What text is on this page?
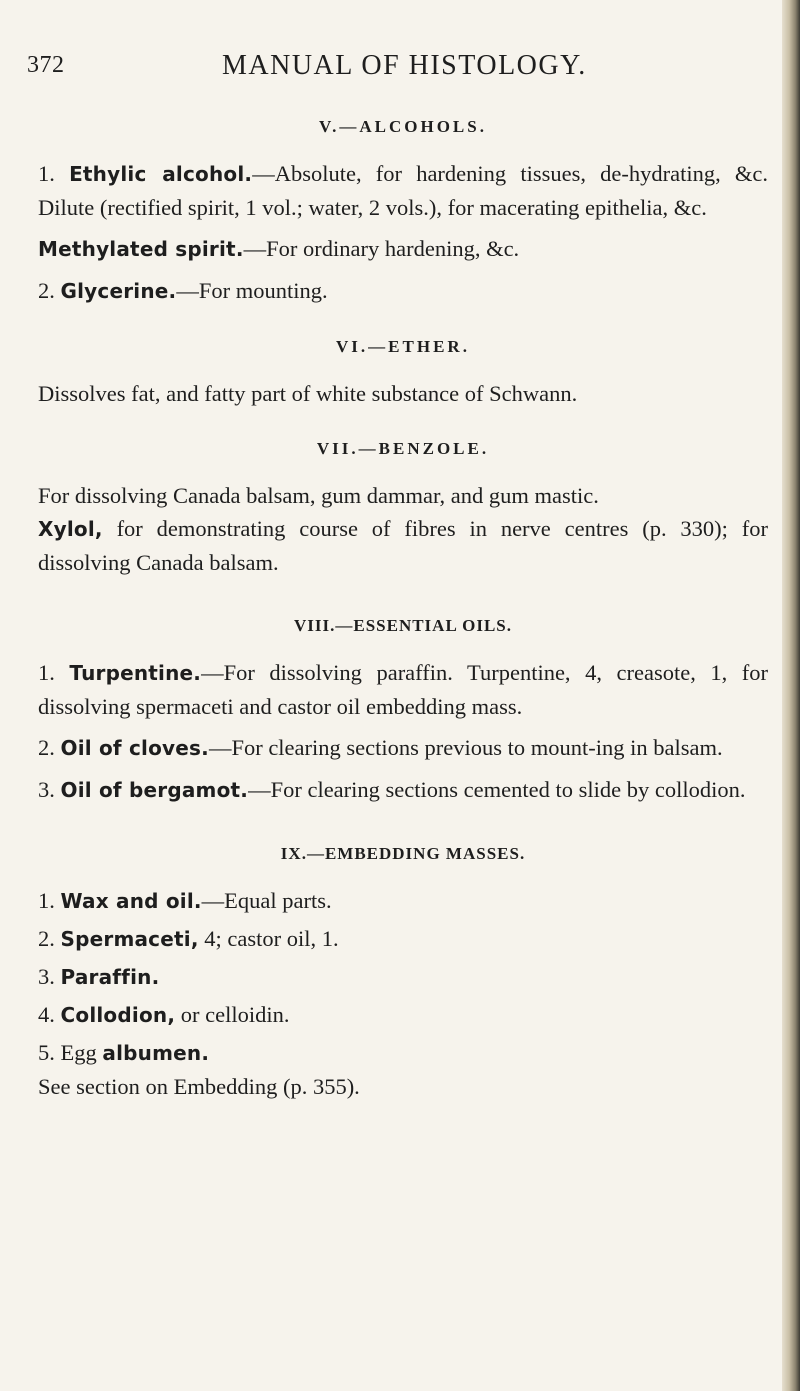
372	MANUAL OF HISTOLOGY.
V.—ALCOHOLS.

1. Ethylic alcohol.—Absolute, for hardening tissues, de-hydrating, &c. Dilute (rectified spirit, 1 vol.; water, 2 vols.), for macerating epithelia, &c.

Methylated spirit.—For ordinary hardening, &c.

2. Glycerine.—For mounting.

VI.—ETHER.

Dissolves fat, and fatty part of white substance of Schwann.

VII.—BENZOLE.

For dissolving Canada balsam, gum dammar, and gum mastic.

Xylol, for demonstrating course of fibres in nerve centres (p. 330); for dissolving Canada balsam.

VIII.—ESSENTIAL OILS.

1. Turpentine.—For dissolving paraffin. Turpentine, 4, creasote, 1, for dissolving spermaceti and castor oil embedding mass.

2. Oil of cloves.—For clearing sections previous to mount-ing in balsam.

3. Oil of bergamot.—For clearing sections cemented to slide by collodion.

IX.—EMBEDDING MASSES.

1. Wax and oil.—Equal parts.

2. Spermaceti, 4; castor oil, 1.

3. Paraffin.

4. Collodion, or celloidin.

5. Egg albumen.

See section on Embedding (p. 355).
